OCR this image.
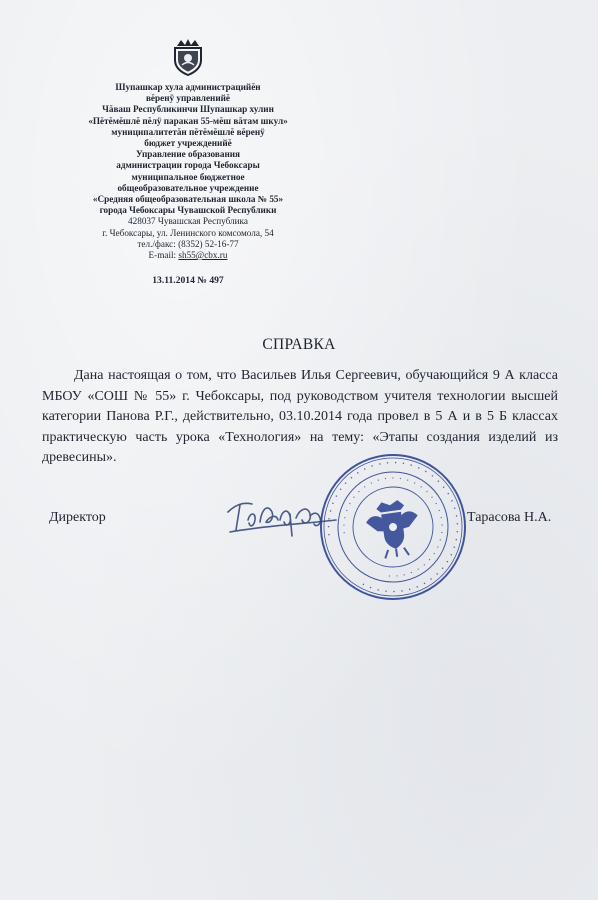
Шупашкар хула администрацийĕн
вĕренÿ управленийĕ
Чăваш Республикинчи Шупашкар хулин
«Пĕтĕмĕшлĕ пĕлÿ паракан 55-мĕш вăтам шкул»
муниципалитетăн пĕтĕмĕшлĕ вĕренÿ
бюджет учрежденийĕ
Управление образования
администрации города Чебоксары
муниципальное бюджетное
общеобразовательное учреждение
«Средняя общеобразовательная школа № 55»
города Чебоксары Чувашской Республики
428037 Чувашская Республика
г. Чебоксары, ул. Ленинского комсомола, 54
тел./факс: (8352) 52-16-77
E-mail: sh55@cbx.ru
13.11.2014 № 497
СПРАВКА

Дана настоящая о том, что Васильев Илья Сергеевич, обучающийся 9 А класса МБОУ «СОШ № 55» г. Чебоксары, под руководством учителя технологии высшей категории Панова Р.Г., действительно, 03.10.2014 года провел в 5 А и в 5 Б классах практическую часть урока «Технология» на тему: «Этапы создания изделий из древесины».

Директор
· · · · · · · · · · · · · · · · · · · · · · · · · · · · · · · · · · · · · · · · · · · ·
· · · · · · · · · · · · · · · · · · · · · · · · · · · · · · · · ·
Тарасова Н.А.
